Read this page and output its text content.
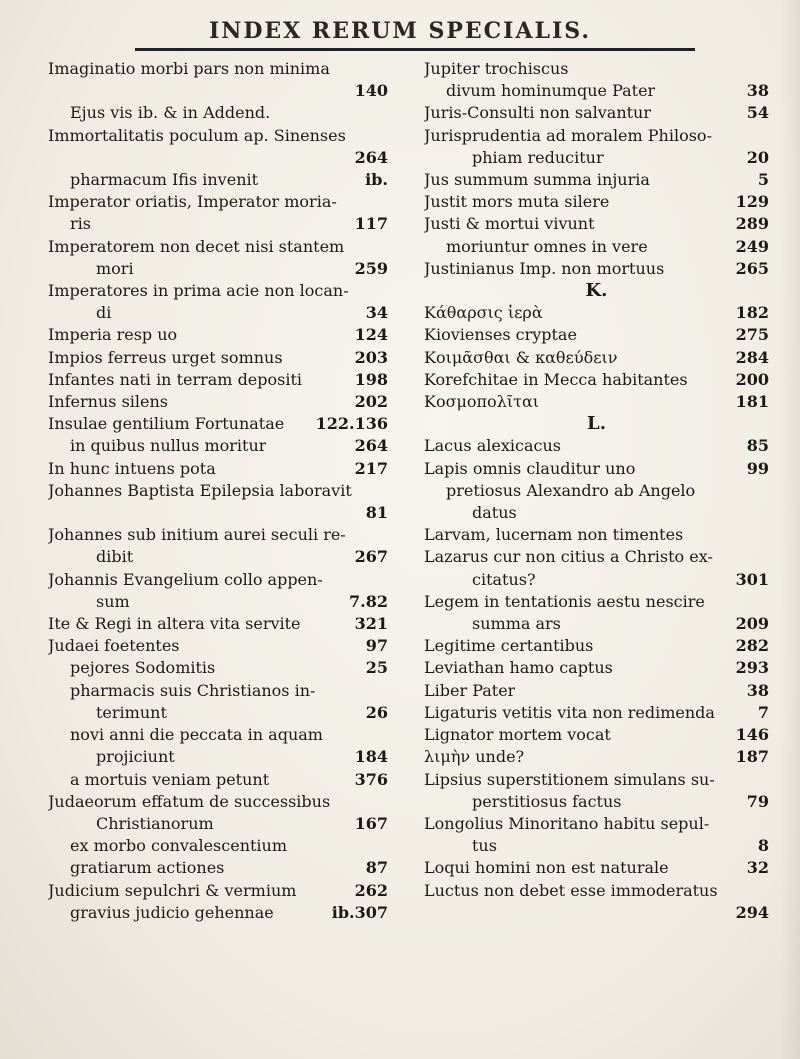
INDEX RERUM SPECIALIS.
Imaginatio morbi pars non minima
140
Ejus vis ib. & in Addend.
Immortalitatis poculum ap. Sinenses
264
pharmacum Ifis invenit	ib.
Imperator oriatis, Imperator moria-
ris	117
Imperatorem non decet nisi stantem
mori	259
Imperatores in prima acie non locan-
di	34
Imperia resp uo	124
Impios ferreus urget somnus	203
Infantes nati in terram depositi	198
Infernus silens	202
Insulae gentilium Fortunatae	122.136
in quibus nullus moritur	264
In hunc intuens pota	217
Johannes Baptista Epilepsia laboravit
81
Johannes sub initium aurei seculi re-
dibit	267
Johannis Evangelium collo appen-
sum	7.82
Ite & Regi in altera vita servite	321
Judaei foetentes	97
pejores Sodomitis	25
pharmacis suis Christianos in-
terimunt	26
novi anni die peccata in aquam
projiciunt	184
a mortuis veniam petunt	376
Judaeorum effatum de successibus
Christianorum	167
ex morbo convalescentium
gratiarum actiones	87
Judicium sepulchri & vermium	262
gravius judicio gehennae	ib.307
Jupiter trochiscus
divum hominumque Pater	38
Juris-Consulti non salvantur	54
Jurisprudentia ad moralem Philoso-
phiam reducitur	20
Jus summum summa injuria	5
Justit mors muta silere	129
Justi & mortui vivunt	289
moriuntur omnes in vere	249
Justinianus Imp. non mortuus	265
K.
Κάθαρσις ἱερὰ	182
Kiovienses cryptae	275
Κοιμᾶσθαι & καθεύδειν	284
Korefchitae in Mecca habitantes	200
Κοσμοπολῖται	181
L.
Lacus alexicacus	85
Lapis omnis clauditur uno	99
pretiosus Alexandro ab Angelo
datus
Larvam, lucernam non timentes
Lazarus cur non citius a Christo ex-
citatus?	301
Legem in tentationis aestu nescire
summa ars	209
Legitime certantibus	282
Leviathan hamo captus	293
Liber Pater	38
Ligaturis vetitis vita non redimenda	7
Lignator mortem vocat	146
λιμὴν unde?	187
Lipsius superstitionem simulans su-
perstitiosus factus	79
Longolius Minoritano habitu sepul-
tus	8
Loqui homini non est naturale	32
Luctus non debet esse immoderatus
294
